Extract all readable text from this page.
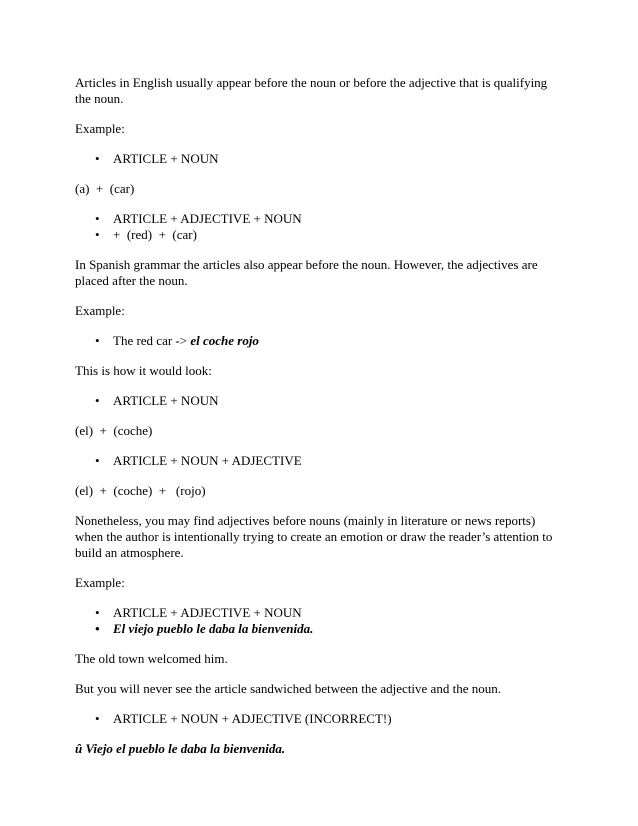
Articles in English usually appear before the noun or before the adjective that is qualifying the noun.

Example:

• ARTICLE + NOUN

(a)  +  (car)

• ARTICLE + ADJECTIVE + NOUN
• +  (red)  +  (car)

In Spanish grammar the articles also appear before the noun. However, the adjectives are placed after the noun.

Example:

• The red car -> el coche rojo

This is how it would look:

• ARTICLE + NOUN

(el)  +  (coche)

• ARTICLE + NOUN + ADJECTIVE

(el)  +  (coche)  +   (rojo)

Nonetheless, you may find adjectives before nouns (mainly in literature or news reports) when the author is intentionally trying to create an emotion or draw the reader’s attention to build an atmosphere.

Example:

• ARTICLE + ADJECTIVE + NOUN
• El viejo pueblo le daba la bienvenida.

The old town welcomed him.

But you will never see the article sandwiched between the adjective and the noun.

• ARTICLE + NOUN + ADJECTIVE (INCORRECT!)

û Viejo el pueblo le daba la bienvenida.
